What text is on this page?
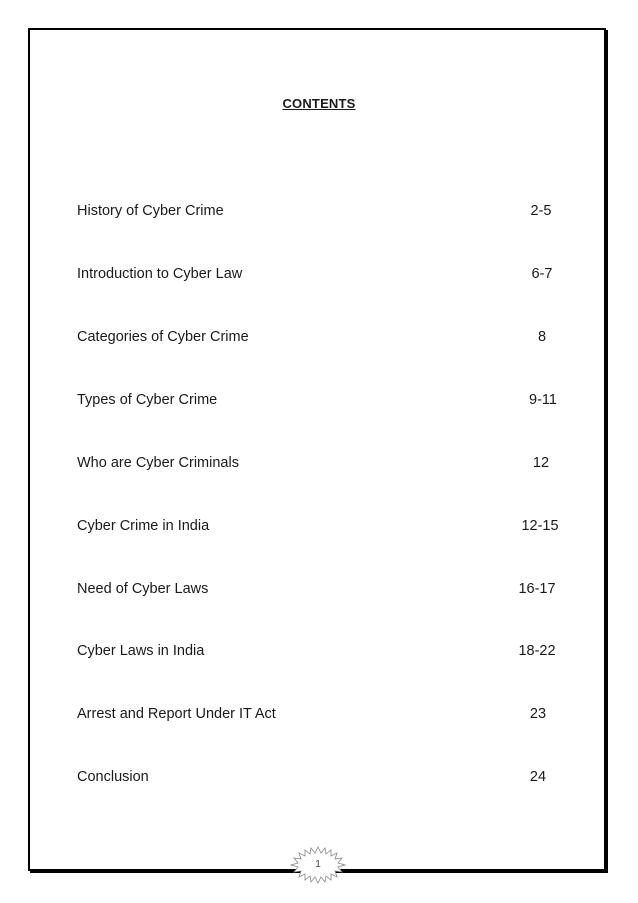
CONTENTS
History of Cyber Crime	2-5
Introduction to Cyber Law	6-7
Categories of Cyber Crime	8
Types of Cyber Crime	9-11
Who are Cyber Criminals	12
Cyber Crime in India	12-15
Need of Cyber Laws	16-17
Cyber Laws in India	18-22
Arrest and Report Under IT Act	23
Conclusion	24
1
